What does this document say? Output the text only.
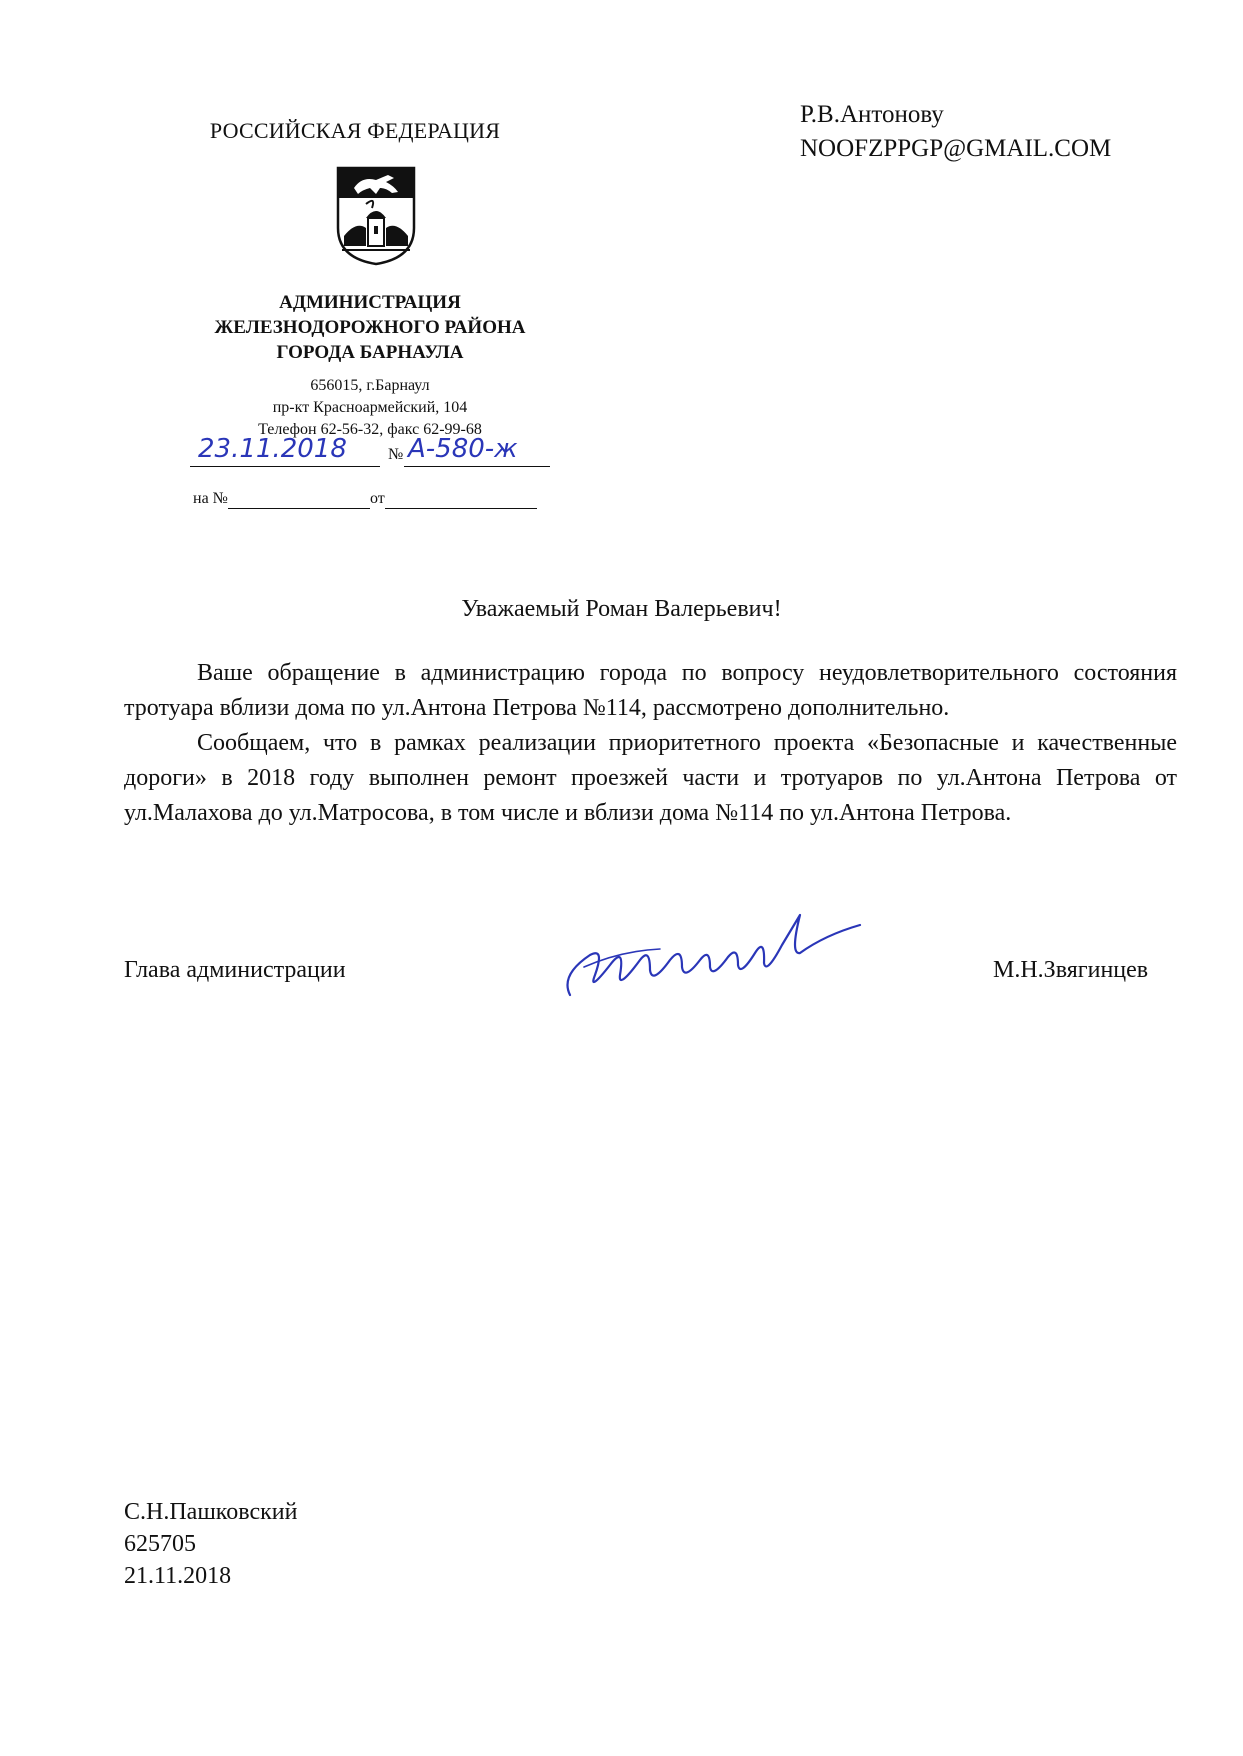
РОССИЙСКАЯ ФЕДЕРАЦИЯ
АДМИНИСТРАЦИЯ
ЖЕЛЕЗНОДОРОЖНОГО РАЙОНА
ГОРОДА БАРНАУЛА
656015, г.Барнаул
пр-кт Красноармейский, 104
Телефон 62-56-32, факс 62-99-68
23.11.2018	№ А-580-ж
на №	от
Р.В.Антонову
NOOFZPPGP@GMAIL.COM
Уважаемый Роман Валерьевич!

Ваше обращение в администрацию города по вопросу неудовлетворительного состояния тротуара вблизи дома по ул.Антона Петрова №114, рассмотрено дополнительно.

Сообщаем, что в рамках реализации приоритетного проекта «Безопасные и качественные дороги» в 2018 году выполнен ремонт проезжей части и тротуаров по ул.Антона Петрова от ул.Малахова до ул.Матросова, в том числе и вблизи дома №114 по ул.Антона Петрова.

Глава администрации	М.Н.Звягинцев
С.Н.Пашковский
625705
21.11.2018
